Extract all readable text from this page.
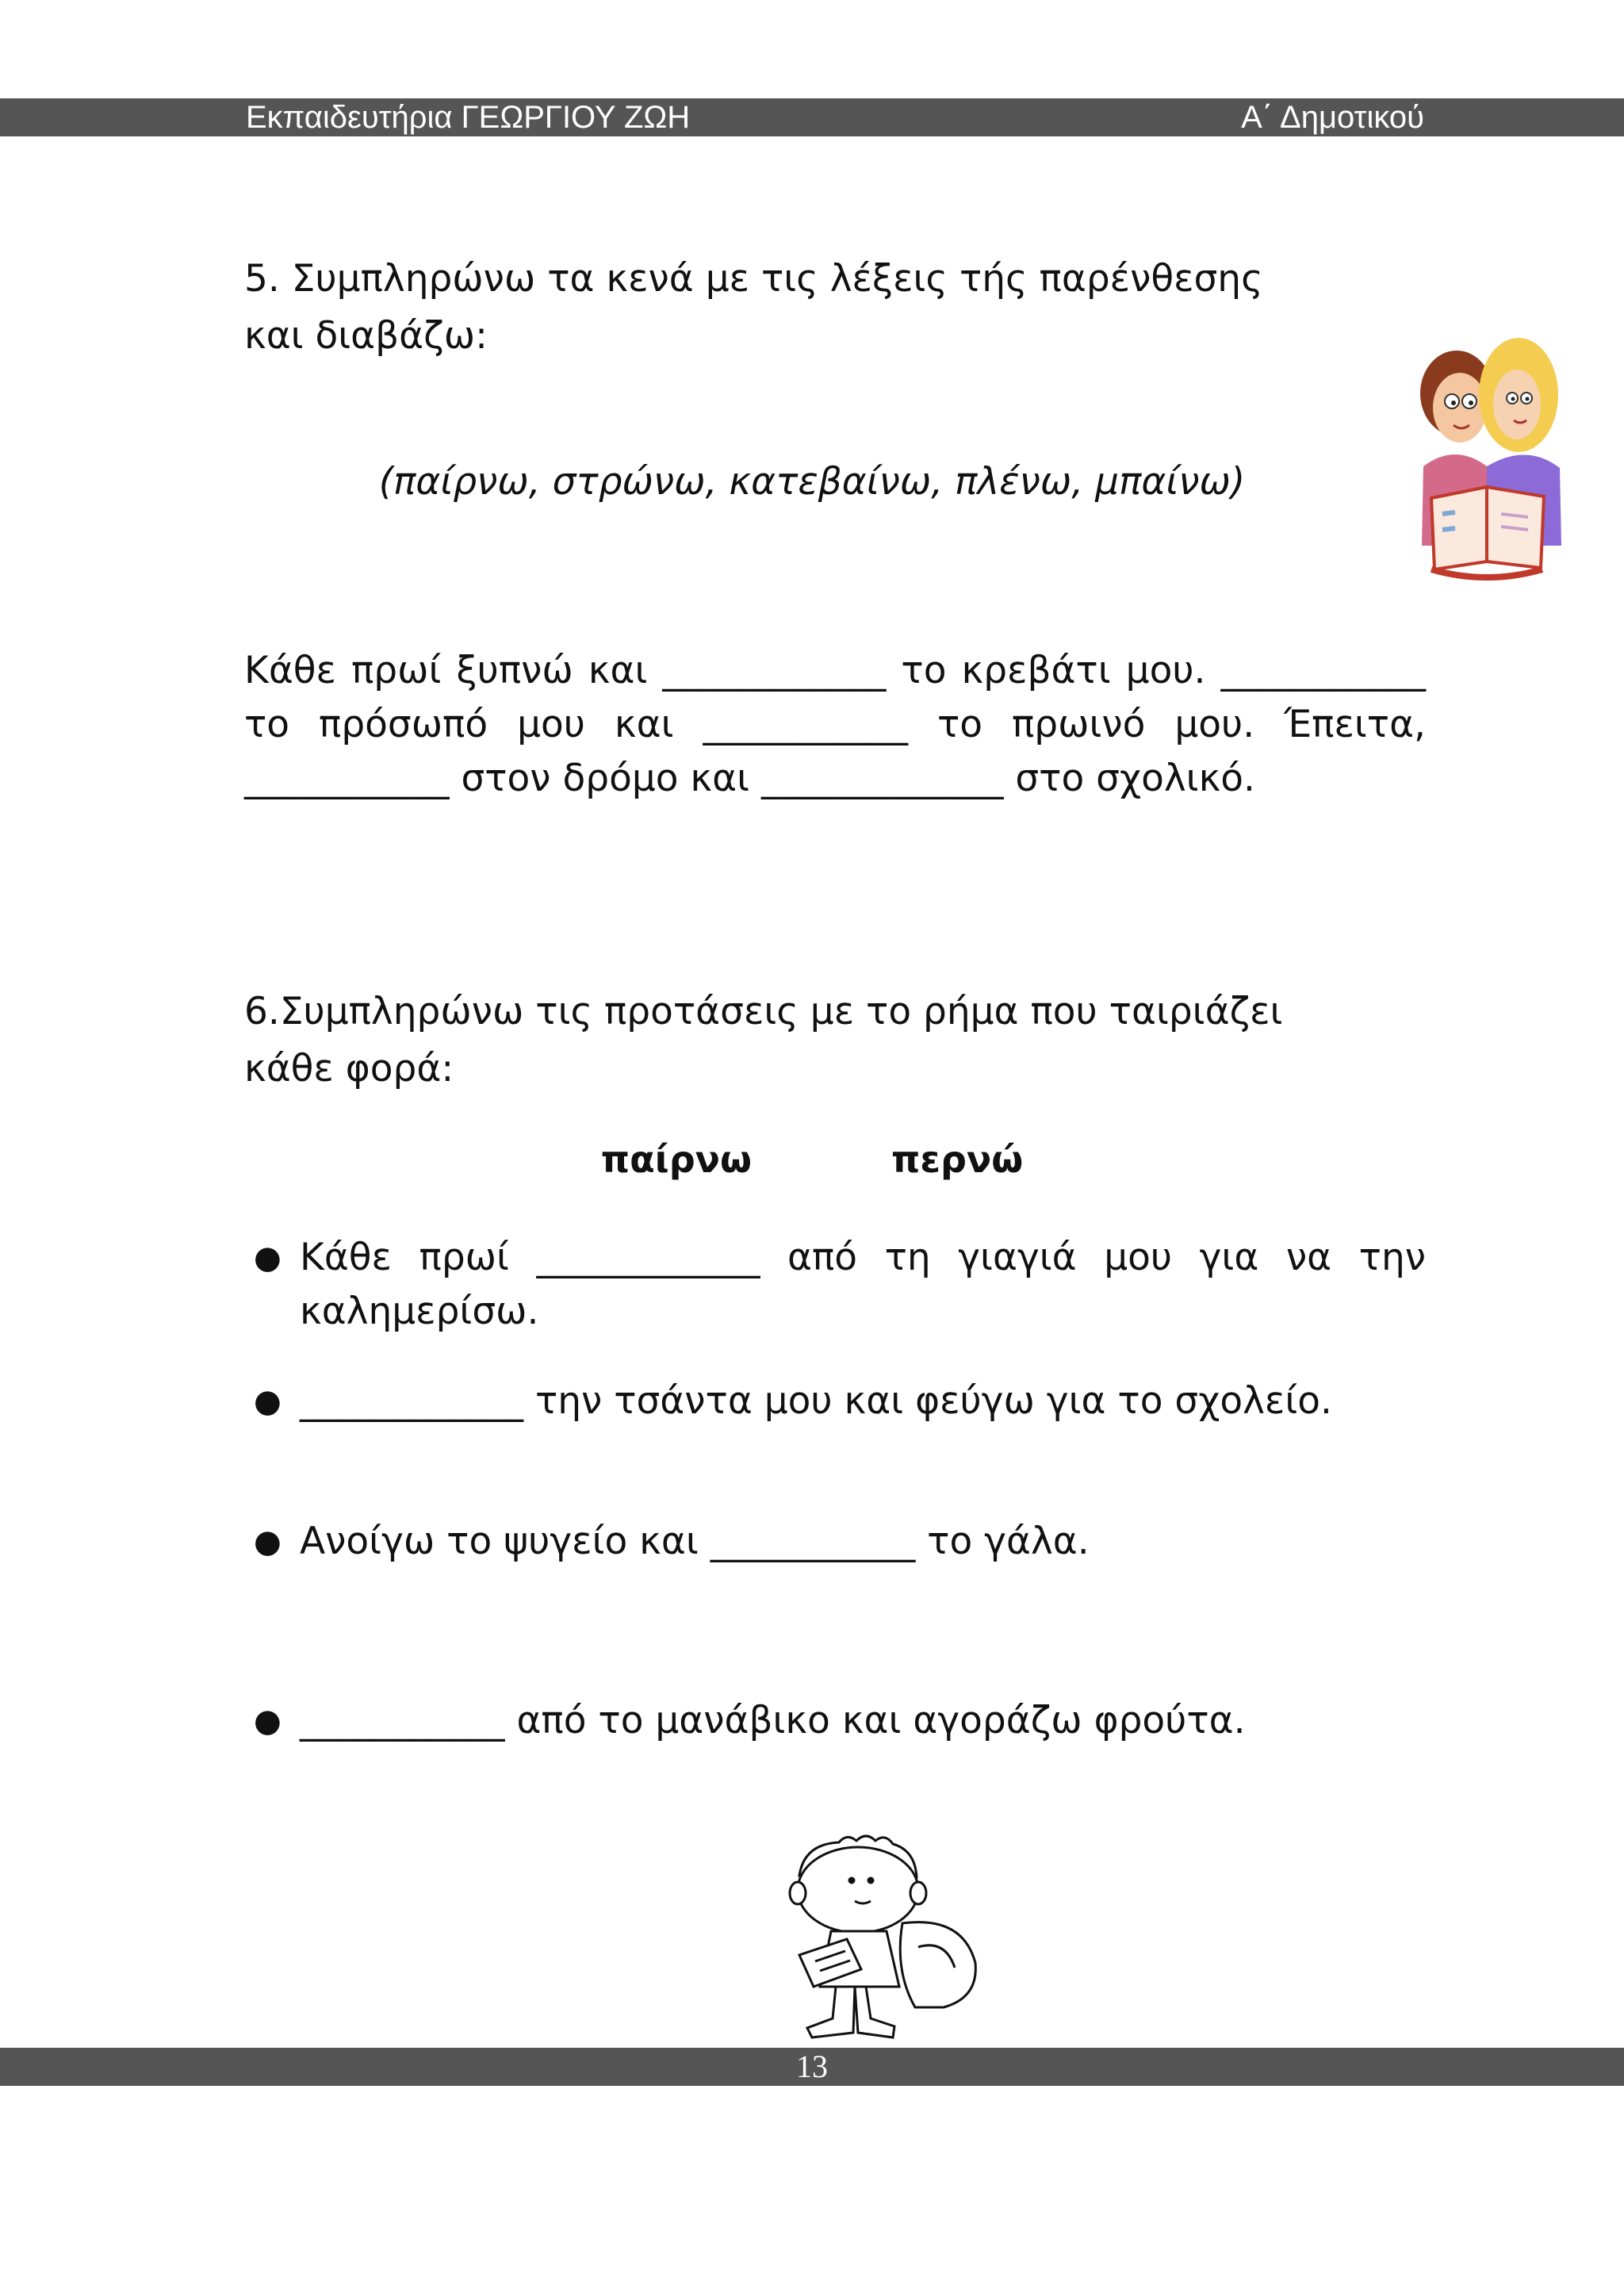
Εκπαιδευτήρια ΓΕΩΡΓΙΟΥ ΖΩΗ	Α΄ Δημοτικού

5. Συμπληρώνω τα κενά με τις λέξεις τής παρένθεσης

και διαβάζω:

(παίρνω, στρώνω, κατεβαίνω, πλένω, μπαίνω)

Κάθε πρωί ξυπνώ και ____________ το κρεβάτι μου. ___________ το πρόσωπό μου και ___________ το πρωινό μου. Έπειτα, ___________ στον δρόμο και _____________ στο σχολικό.

6.Συμπληρώνω τις προτάσεις με το ρήμα που ταιριάζει

κάθε φορά:

παίρνω	περνώ
● Κάθε πρωί ____________ από τη γιαγιά μου για να την καλημερίσω.
● ____________ την τσάντα μου και φεύγω για το σχολείο.
● Ανοίγω το ψυγείο και ___________ το γάλα.
● ___________ από το μανάβικο και αγοράζω φρούτα.
13
